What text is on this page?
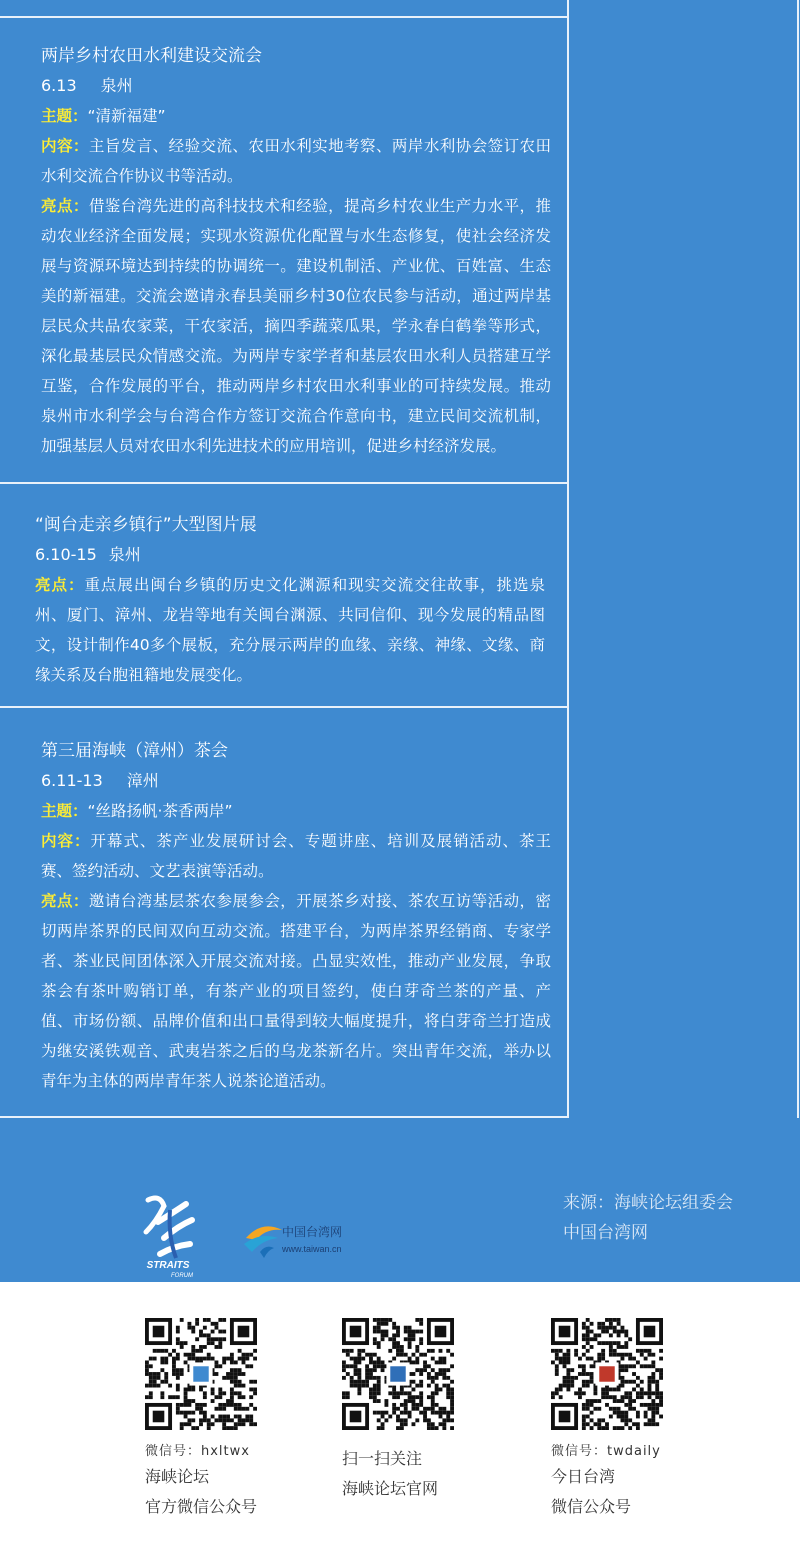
两岸乡村农田水利建设交流会
6.13 泉州
主题：“清新福建”
内容：主旨发言、经验交流、农田水利实地考察、两岸水利协会签订农田水利交流合作协议书等活动。
亮点：借鉴台湾先进的高科技技术和经验，提高乡村农业生产力水平，推动农业经济全面发展；实现水资源优化配置与水生态修复，使社会经济发展与资源环境达到持续的协调统一。建设机制活、产业优、百姓富、生态美的新福建。交流会邀请永春县美丽乡村30位农民参与活动，通过两岸基层民众共品农家菜，干农家活，摘四季蔬菜瓜果，学永春白鹤拳等形式，深化最基层民众情感交流。为两岸专家学者和基层农田水利人员搭建互学互鉴，合作发展的平台，推动两岸乡村农田水利事业的可持续发展。推动泉州市水利学会与台湾合作方签订交流合作意向书，建立民间交流机制，加强基层人员对农田水利先进技术的应用培训，促进乡村经济发展。
“闽台走亲乡镇行”大型图片展
6.10-15 泉州
亮点：重点展出闽台乡镇的历史文化渊源和现实交流交往故事，挑选泉州、厦门、漳州、龙岩等地有关闽台渊源、共同信仰、现今发展的精品图文，设计制作40多个展板，充分展示两岸的血缘、亲缘、神缘、文缘、商缘关系及台胞祖籍地发展变化。
第三届海峡（漳州）茶会
6.11-13 漳州
主题：“丝路扬帆·茶香两岸”
内容：开幕式、茶产业发展研讨会、专题讲座、培训及展销活动、茶王赛、签约活动、文艺表演等活动。
亮点：邀请台湾基层茶农参展参会，开展茶乡对接、茶农互访等活动，密切两岸茶界的民间双向互动交流。搭建平台，为两岸茶界经销商、专家学者、茶业民间团体深入开展交流对接。凸显实效性，推动产业发展，争取茶会有茶叶购销订单，有茶产业的项目签约，使白芽奇兰茶的产量、产值、市场份额、品牌价值和出口量得到较大幅度提升，将白芽奇兰打造成为继安溪铁观音、武夷岩茶之后的乌龙茶新名片。突出青年交流，举办以青年为主体的两岸青年茶人说茶论道活动。
STRAITS
FORUM
中国台湾网
www.taiwan.cn
来源：海峡论坛组委会
中国台湾网
微信号：hxltwx
海峡论坛
官方微信公众号
扫一扫关注
海峡论坛官网
微信号：twdaily
今日台湾
微信公众号
